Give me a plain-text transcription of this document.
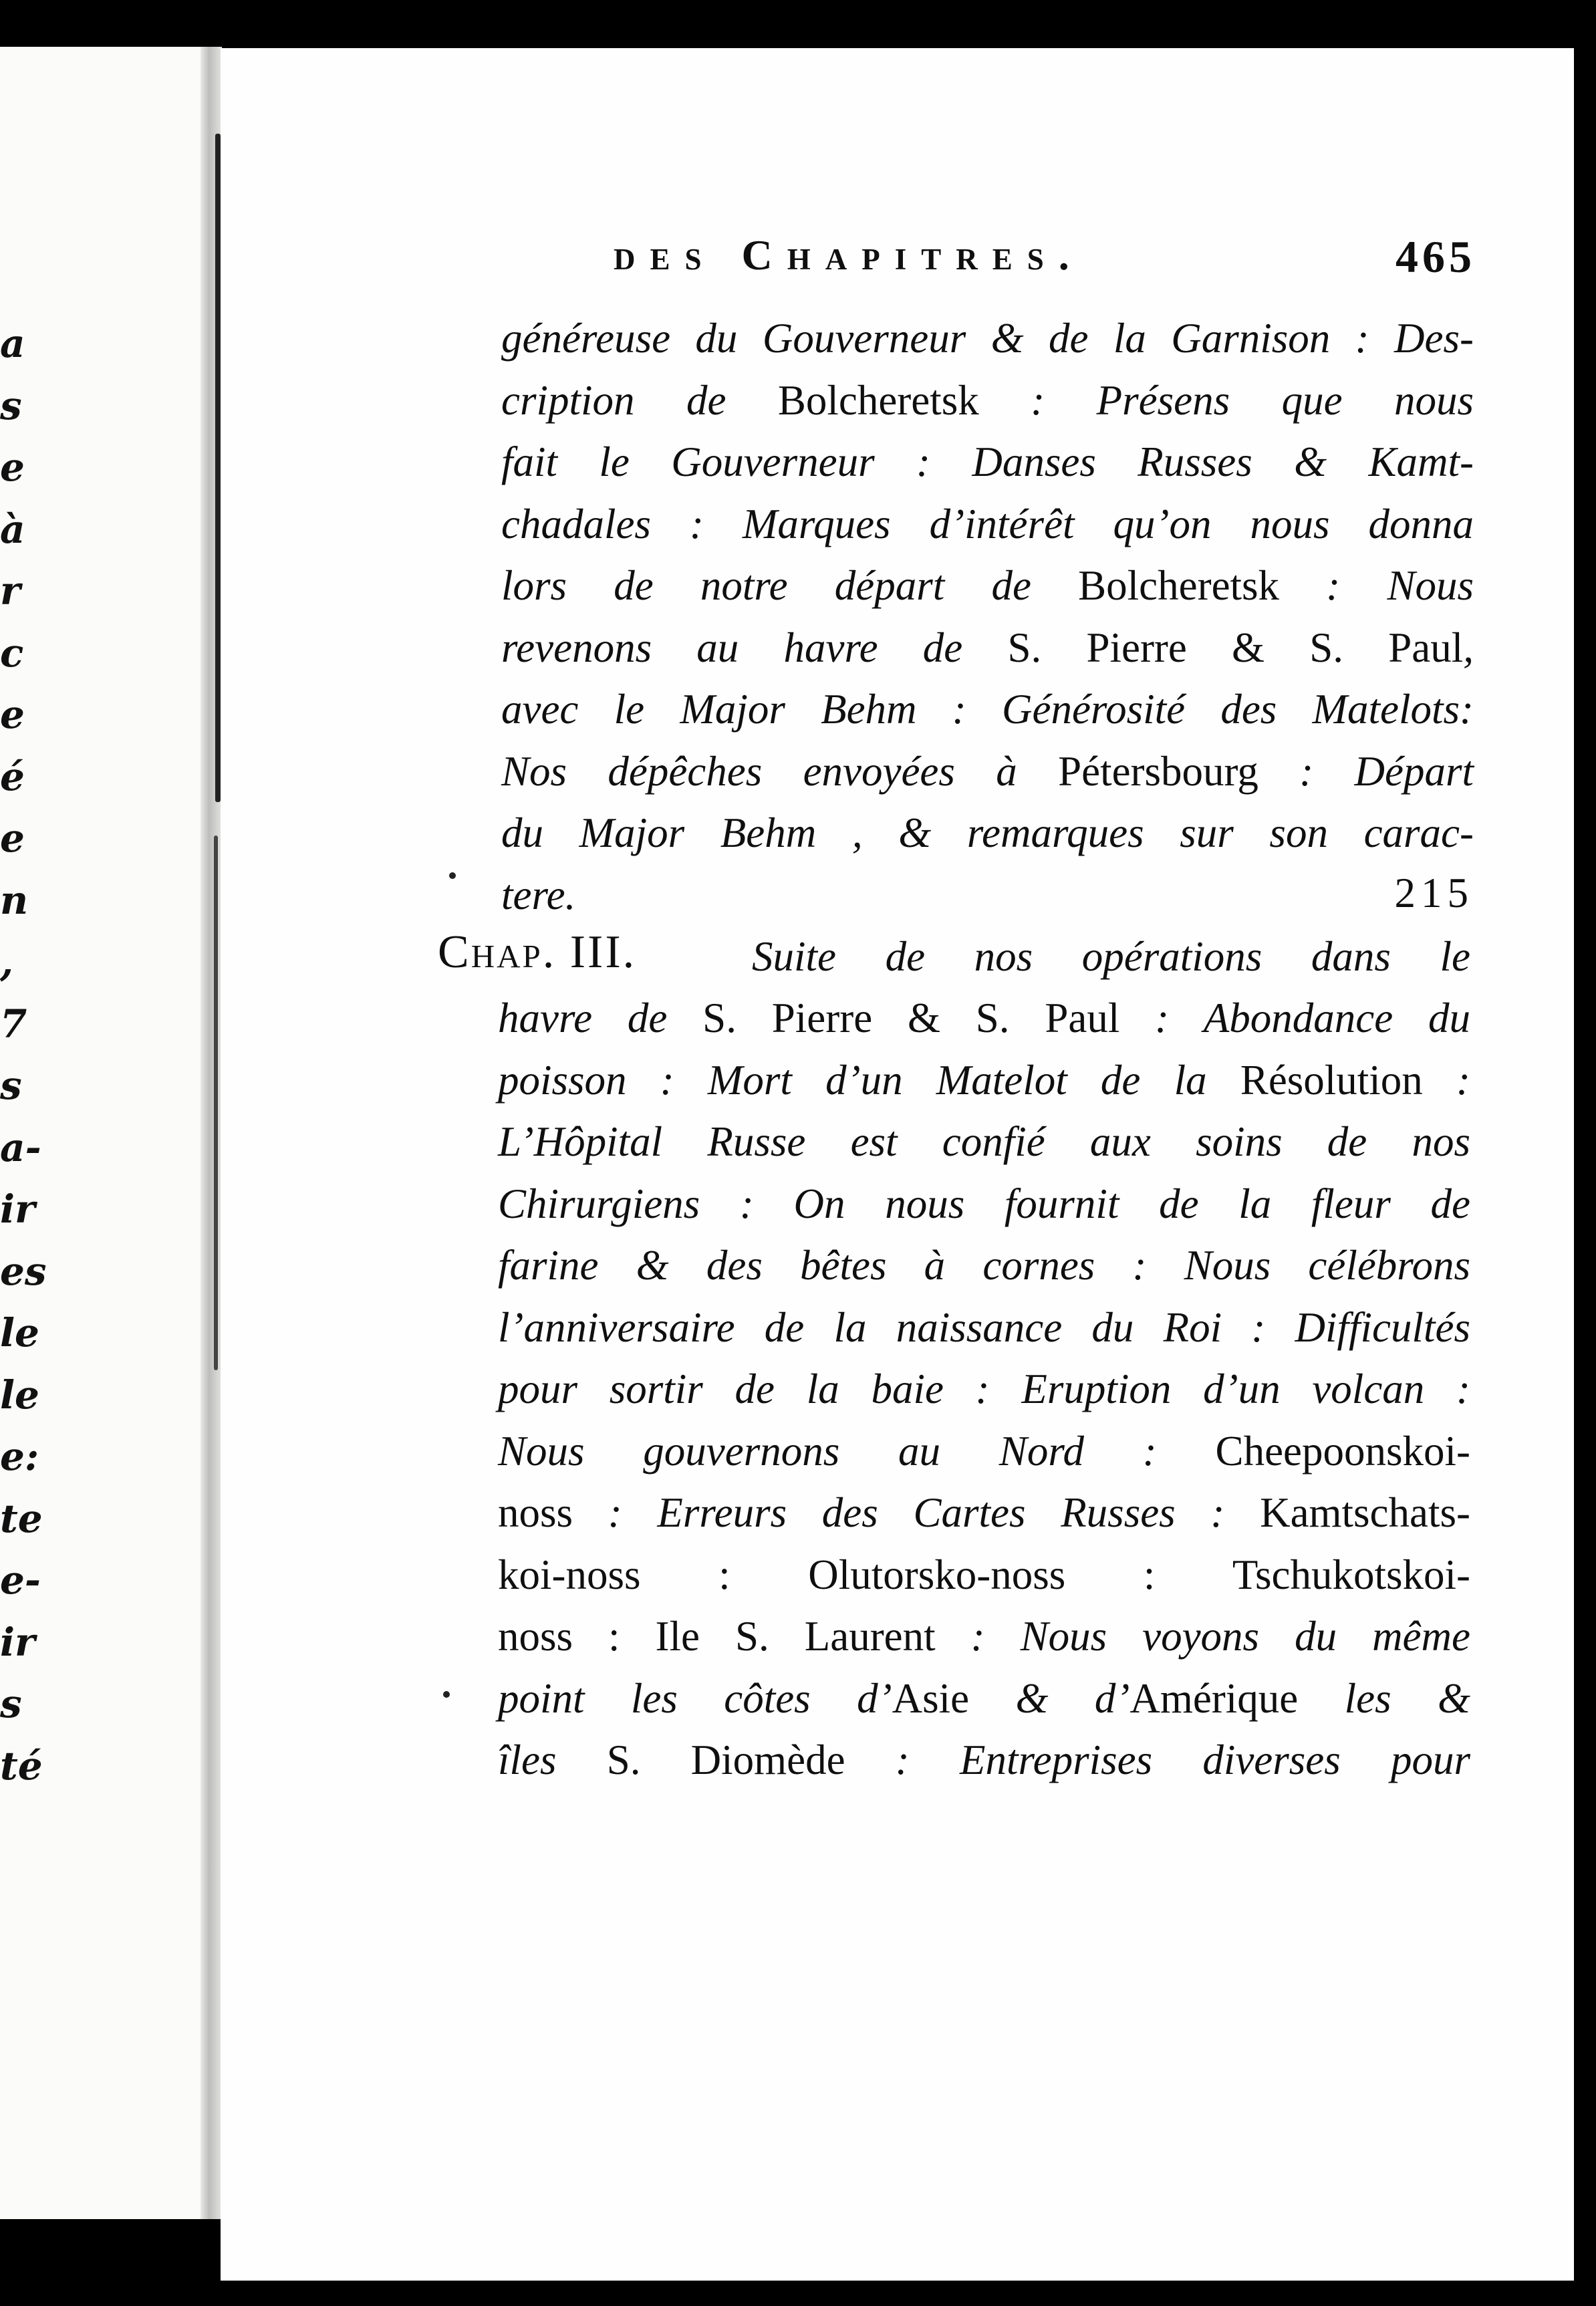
des Chapitres.	465
a
s
e
à
r
c
e
é
e
n
,
7
s
a-
ir
es
le
le
e:
te
e-
ir
s
té
généreuse du Gouverneur & de la Garnison : Des-
cription de Bolcheretsk : Présens que nous
fait le Gouverneur : Danses Russes & Kamt-
chadales : Marques d’intérêt qu’on nous donna
lors de notre départ de Bolcheretsk : Nous
revenons au havre de S. Pierre & S. Paul,
avec le Major Behm : Générosité des Matelots:
Nos dépêches envoyées à Pétersbourg : Départ
du Major Behm , & remarques sur son carac-
tere.	215
Chap. III.	Suite de nos opérations dans le
havre de S. Pierre & S. Paul : Abondance du
poisson : Mort d’un Matelot de la Résolution :
L’Hôpital Russe est confié aux soins de nos
Chirurgiens : On nous fournit de la fleur de
farine & des bêtes à cornes : Nous célébrons
l’anniversaire de la naissance du Roi : Difficultés
pour sortir de la baie : Eruption d’un volcan :
Nous gouvernons au Nord : Cheepoonskoi-
noss : Erreurs des Cartes Russes : Kamtschats-
koi-noss : Olutorsko-noss : Tschukotskoi-
noss : Ile S. Laurent : Nous voyons du même
point les côtes d’Asie & d’Amérique les &
îles S. Diomède : Entreprises diverses pour
